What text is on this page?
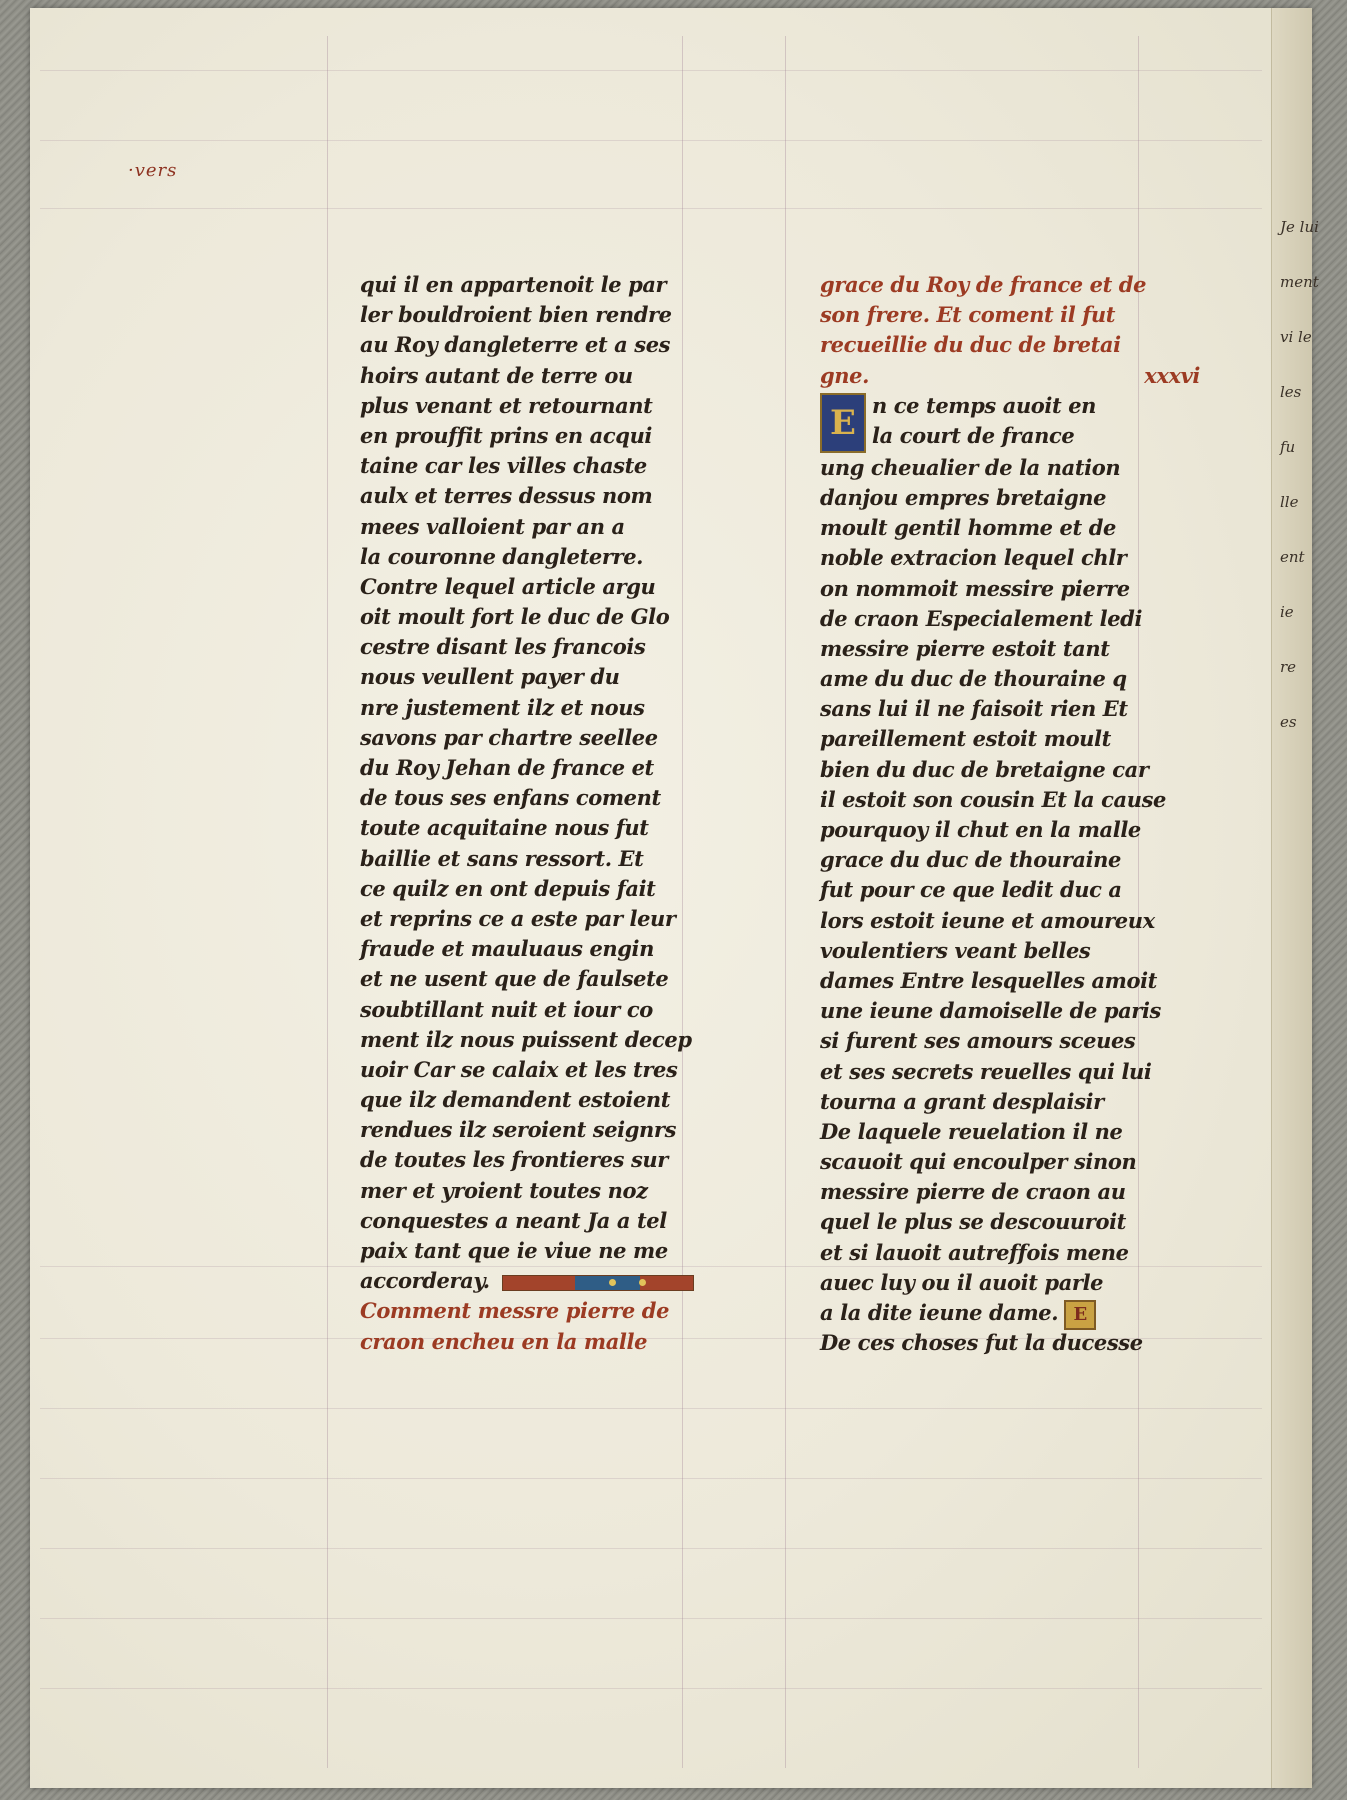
·vers
qui il en appartenoit le par
ler bouldroient bien rendre
au Roy dangleterre et a ses
hoirs autant de terre ou
plus venant et retournant
en prouffit prins en acqui
taine car les villes chaste
aulx et terres dessus nom
mees valloient par an a
la couronne dangleterre.
Contre lequel article argu
oit moult fort le duc de Glo
cestre disant les francois
nous veullent payer du
nre justement ilz et nous
savons par chartre seellee
du Roy Jehan de france et
de tous ses enfans coment
toute acquitaine nous fut
baillie et sans ressort. Et
ce quilz en ont depuis fait
et reprins ce a este par leur
fraude et mauluaus engin
et ne usent que de faulsete
soubtillant nuit et iour co
ment ilz nous puissent decep
uoir Car se calaix et les tres
que ilz demandent estoient
rendues ilz seroient seignrs
de toutes les frontieres sur
mer et yroient toutes noz
conquestes a neant Ja a tel
paix tant que ie viue ne me
accorderay.
Comment messre pierre de
craon encheu en la malle
grace du Roy de france et de
son frere. Et coment il fut
recueillie du duc de bretai
gne.	xxxvi
E n ce temps auoit en
la court de france
ung cheualier de la nation
danjou empres bretaigne
moult gentil homme et de
noble extracion lequel chlr
on nommoit messire pierre
de craon Especialement ledi
messire pierre estoit tant
ame du duc de thouraine q
sans lui il ne faisoit rien Et
pareillement estoit moult
bien du duc de bretaigne car
il estoit son cousin Et la cause
pourquoy il chut en la malle
grace du duc de thouraine
fut pour ce que ledit duc a
lors estoit ieune et amoureux
voulentiers veant belles
dames Entre lesquelles amoit
une ieune damoiselle de paris
si furent ses amours sceues
et ses secrets reuelles qui lui
tourna a grant desplaisir
De laquele reuelation il ne
scauoit qui encoulper sinon
messire pierre de craon au
quel le plus se descouuroit
et si lauoit autreffois mene
auec luy ou il auoit parle
a la dite ieune dame. E
De ces choses fut la ducesse
Je lui
ment
vi le
les
fu
lle
ent
ie
re
es
